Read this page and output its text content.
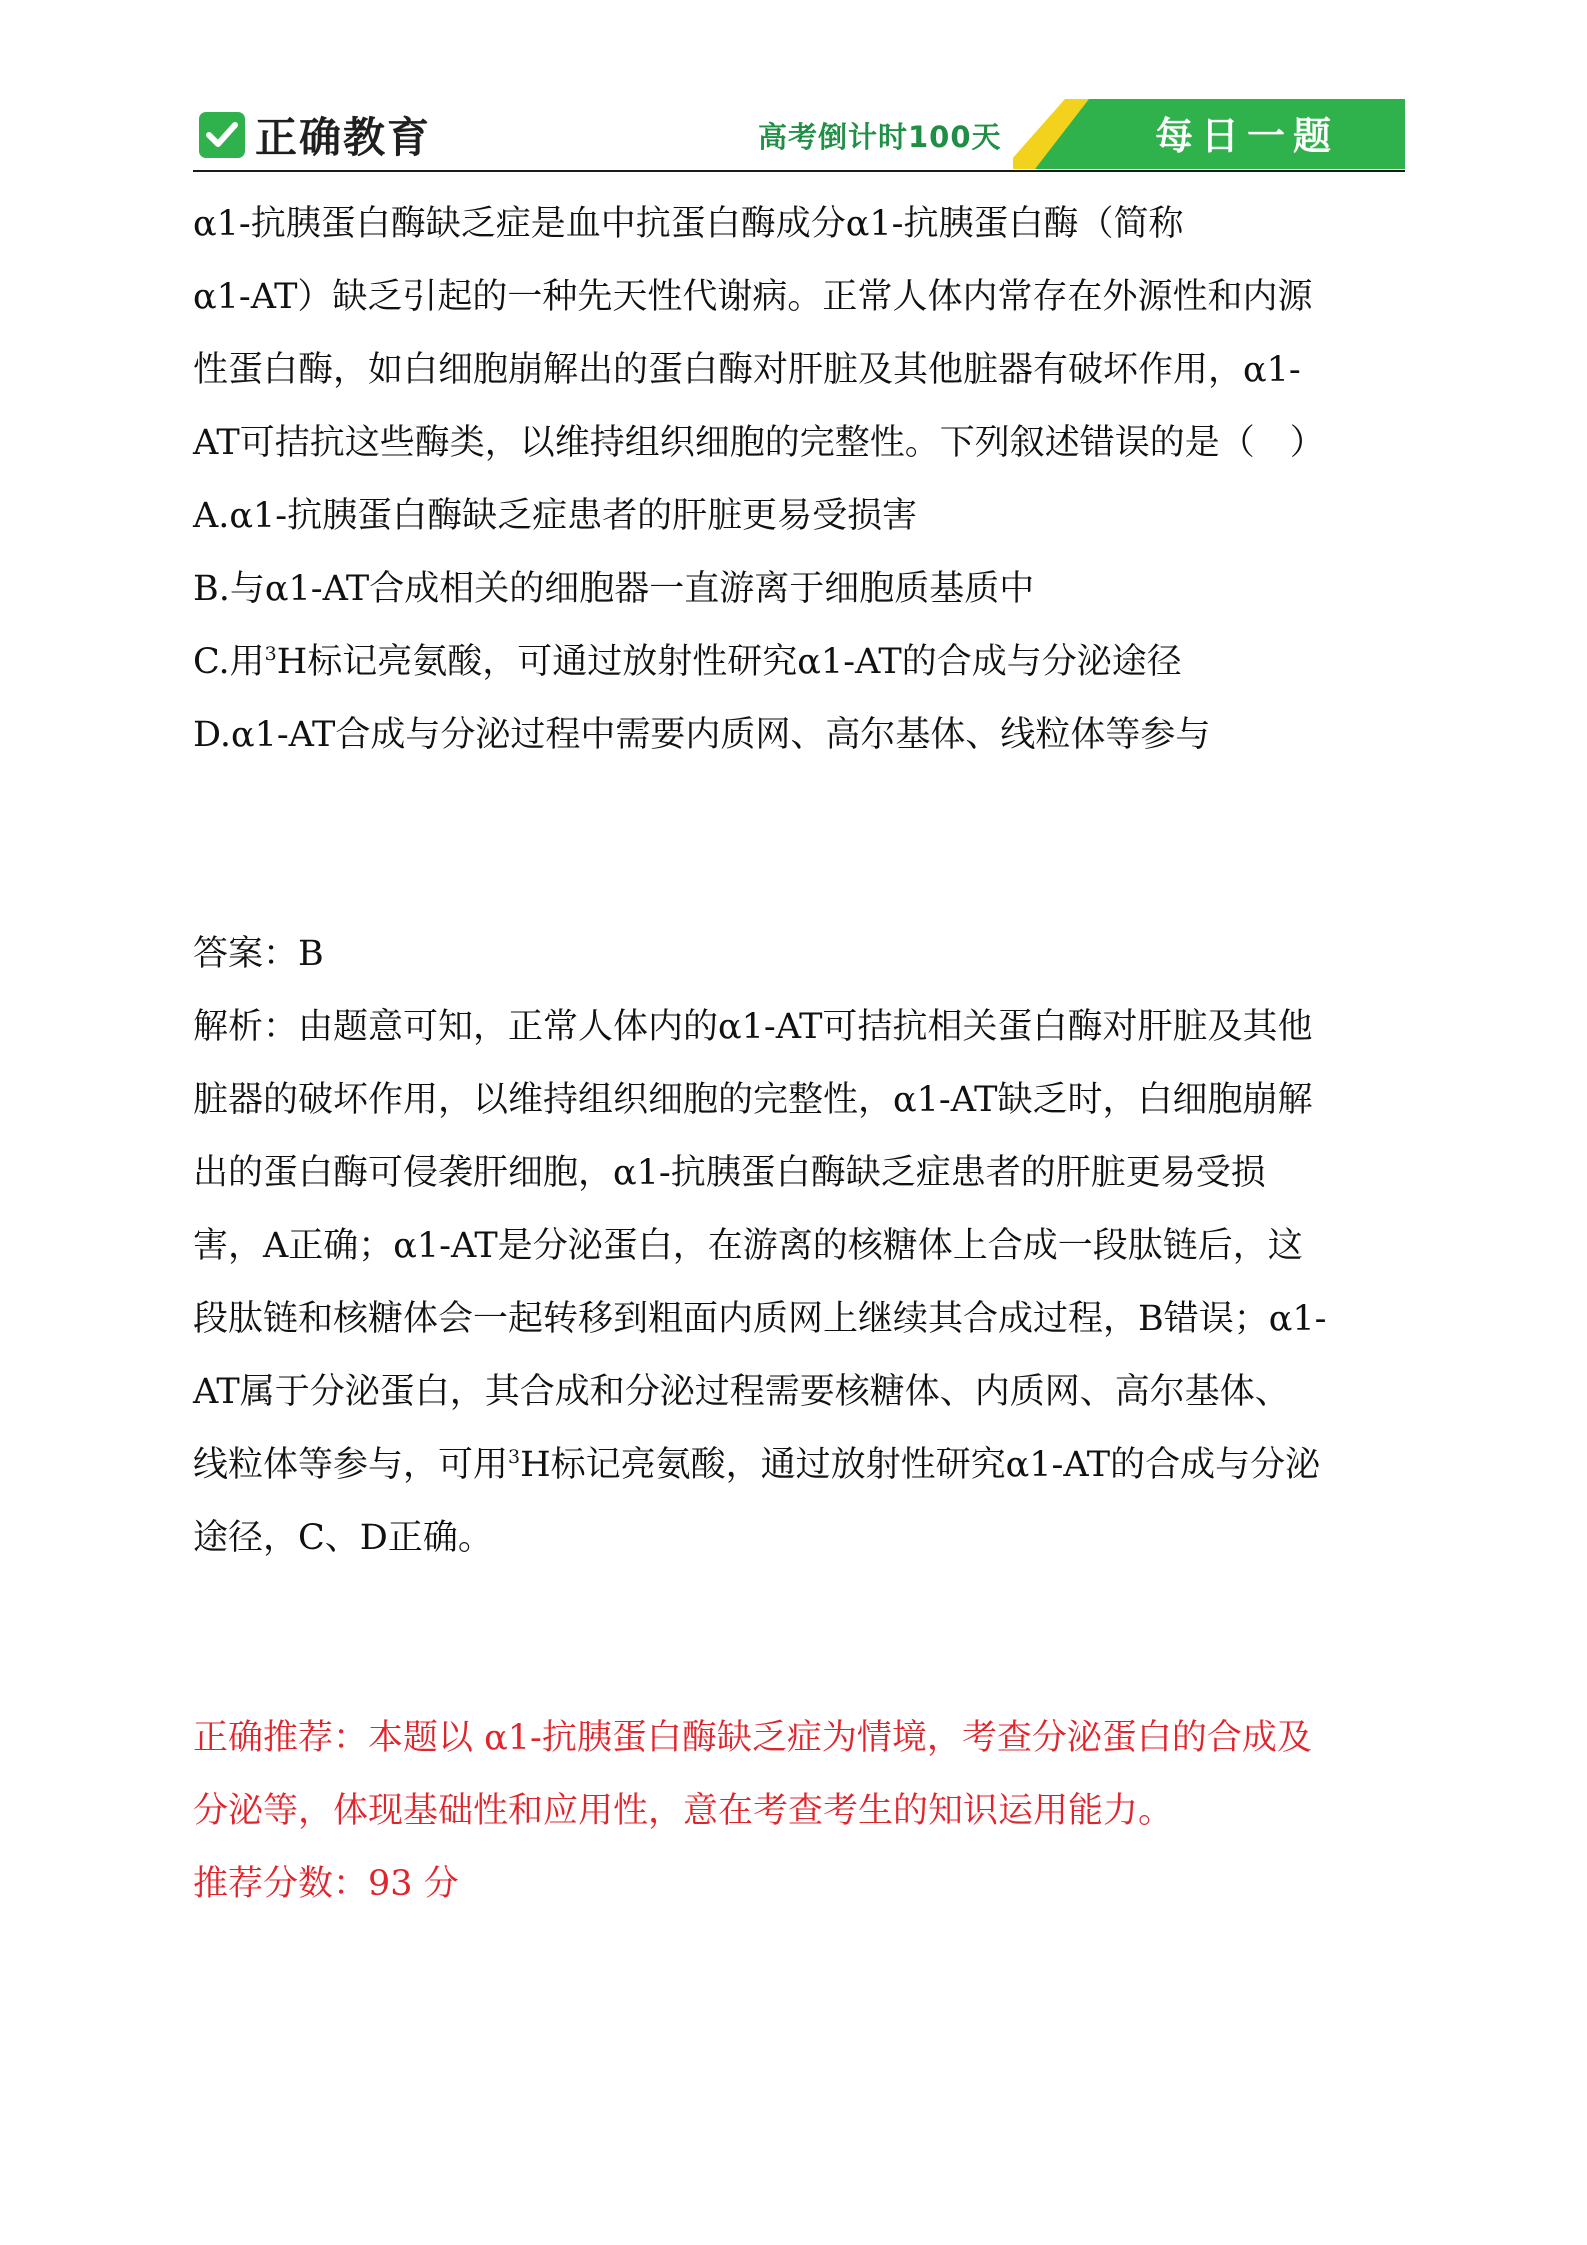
正确教育	高考倒计时100天	每日一题
α1-抗胰蛋白酶缺乏症是血中抗蛋白酶成分α1-抗胰蛋白酶（简称
α1-AT）缺乏引起的一种先天性代谢病。正常人体内常存在外源性和内源
性蛋白酶，如白细胞崩解出的蛋白酶对肝脏及其他脏器有破坏作用，α1-
AT可拮抗这些酶类，以维持组织细胞的完整性。下列叙述错误的是（　）
A.α1-抗胰蛋白酶缺乏症患者的肝脏更易受损害
B.与α1-AT合成相关的细胞器一直游离于细胞质基质中
C.用$^3$H标记亮氨酸，可通过放射性研究α1-AT的合成与分泌途径
D.α1-AT合成与分泌过程中需要内质网、高尔基体、线粒体等参与
答案：B
解析：由题意可知，正常人体内的α1-AT可拮抗相关蛋白酶对肝脏及其他
脏器的破坏作用，以维持组织细胞的完整性，α1-AT缺乏时，白细胞崩解
出的蛋白酶可侵袭肝细胞，α1-抗胰蛋白酶缺乏症患者的肝脏更易受损
害，A正确；α1-AT是分泌蛋白，在游离的核糖体上合成一段肽链后，这
段肽链和核糖体会一起转移到粗面内质网上继续其合成过程，B错误；α1-
AT属于分泌蛋白，其合成和分泌过程需要核糖体、内质网、高尔基体、
线粒体等参与，可用$^3$H标记亮氨酸，通过放射性研究α1-AT的合成与分泌
途径，C、D正确。
正确推荐：本题以 α1-抗胰蛋白酶缺乏症为情境，考查分泌蛋白的合成及
分泌等，体现基础性和应用性，意在考查考生的知识运用能力。
推荐分数：93 分
